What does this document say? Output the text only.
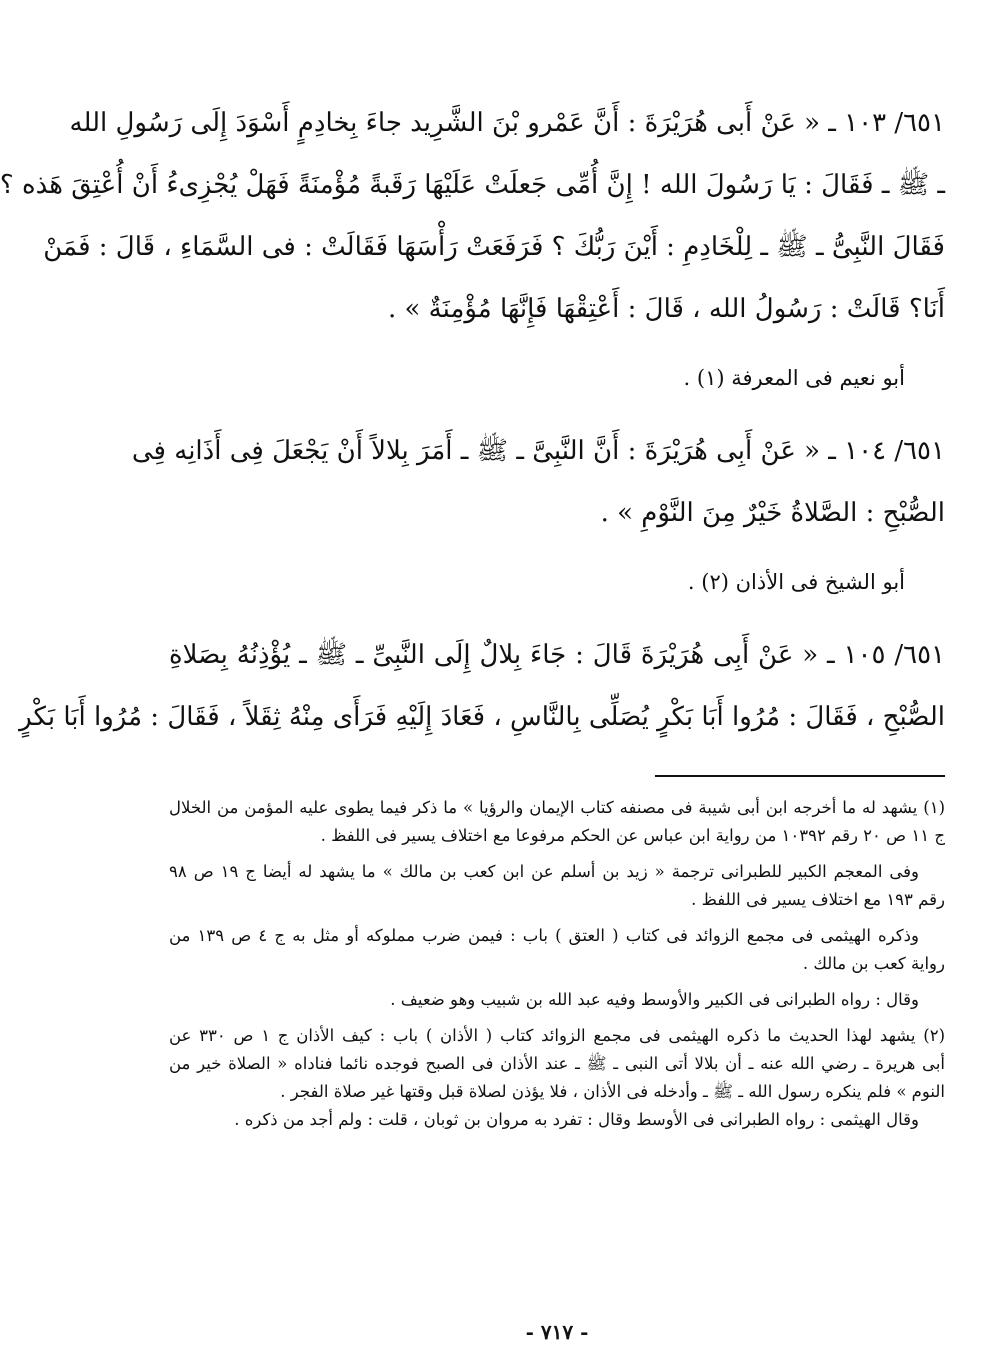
٦٥١/ ١٠٣ ـ « عَنْ أَبى هُرَيْرَةَ : أَنَّ عَمْرو بْنَ الشَّرِيد جاءَ بِخادِمٍ أَسْوَدَ إِلَى رَسُولِ الله
ـ ﷺ ـ فَقَالَ : يَا رَسُولَ الله ! إِنَّ أُمِّى جَعلَتْ عَلَيْهَا رَقَبةً مُؤْمنَةً فَهَلْ يُجْزِىءُ أَنْ أُعْتِقَ هَذه ؟
فَقَالَ النَّبِىُّ ـ ﷺ ـ لِلْخَادِمِ : أَيْنَ رَبُّكَ ؟ فَرَفَعَتْ رَأْسَهَا فَقَالَتْ : فى السَّمَاءِ ، قَالَ : فَمَنْ
أَنَا؟ قَالَتْ : رَسُولُ الله ، قَالَ : أَعْتِقْهَا فَإِنَّهَا مُؤْمِنَةٌ » .
أبو نعيم فى المعرفة (١) .
٦٥١/ ١٠٤ ـ « عَنْ أَبِى هُرَيْرَةَ : أَنَّ النَّبِىَّ ـ ﷺ ـ أَمَرَ بِلالاً أَنْ يَجْعَلَ فِى أَذَانِه فِى
الصُّبْحِ : الصَّلاةُ خَيْرٌ مِنَ النَّوْمِ » .
أبو الشيخ فى الأذان (٢) .
٦٥١/ ١٠٥ ـ « عَنْ أَبِى هُرَيْرَةَ قَالَ : جَاءَ بِلالٌ إِلَى النَّبِىِّ ـ ﷺ ـ يُؤْذِنُهُ بِصَلاةِ
الصُّبْحِ ، فَقَالَ : مُرُوا أَبَا بَكْرٍ يُصَلِّى بِالنَّاسِ ، فَعَادَ إِلَيْهِ فَرَأَى مِنْهُ ثِقَلاً ، فَقَالَ : مُرُوا أَبَا بَكْرٍ
(١) يشهد له ما أخرجه ابن أبى شيبة فى مصنفه كتاب الإيمان والرؤيا » ما ذكر فيما يطوى عليه المؤمن من الخلال
ج ١١ ص ٢٠ رقم ١٠٣٩٢ من رواية ابن عباس عن الحكم مرفوعا مع اختلاف يسير فى اللفظ .
وفى المعجم الكبير للطبرانى ترجمة « زيد بن أسلم عن ابن كعب بن مالك » ما يشهد له أيضا ج ١٩ ص ٩٨
رقم ١٩٣ مع اختلاف يسير فى اللفظ .
وذكره الهيثمى فى مجمع الزوائد فى كتاب ( العتق ) باب : فيمن ضرب مملوكه أو مثل به ج ٤ ص ١٣٩ من
رواية كعب بن مالك .
وقال : رواه الطبرانى فى الكبير والأوسط وفيه عبد الله بن شبيب وهو ضعيف .
(٢) يشهد لهذا الحديث ما ذكره الهيثمى فى مجمع الزوائد كتاب ( الأذان ) باب : كيف الأذان ج ١ ص ٣٣٠ عن
أبى هريرة ـ رضي الله عنه ـ أن بلالا أتى النبى ـ ﷺ ـ عند الأذان فى الصبح فوجده نائما فناداه « الصلاة خير من
النوم » فلم ينكره رسول الله ـ ﷺ ـ وأدخله فى الأذان ، فلا يؤذن لصلاة قبل وقتها غير صلاة الفجر .
وقال الهيثمى : رواه الطبرانى فى الأوسط وقال : تفرد به مروان بن ثوبان ، قلت : ولم أجد من ذكره .
- ٧١٧ -
